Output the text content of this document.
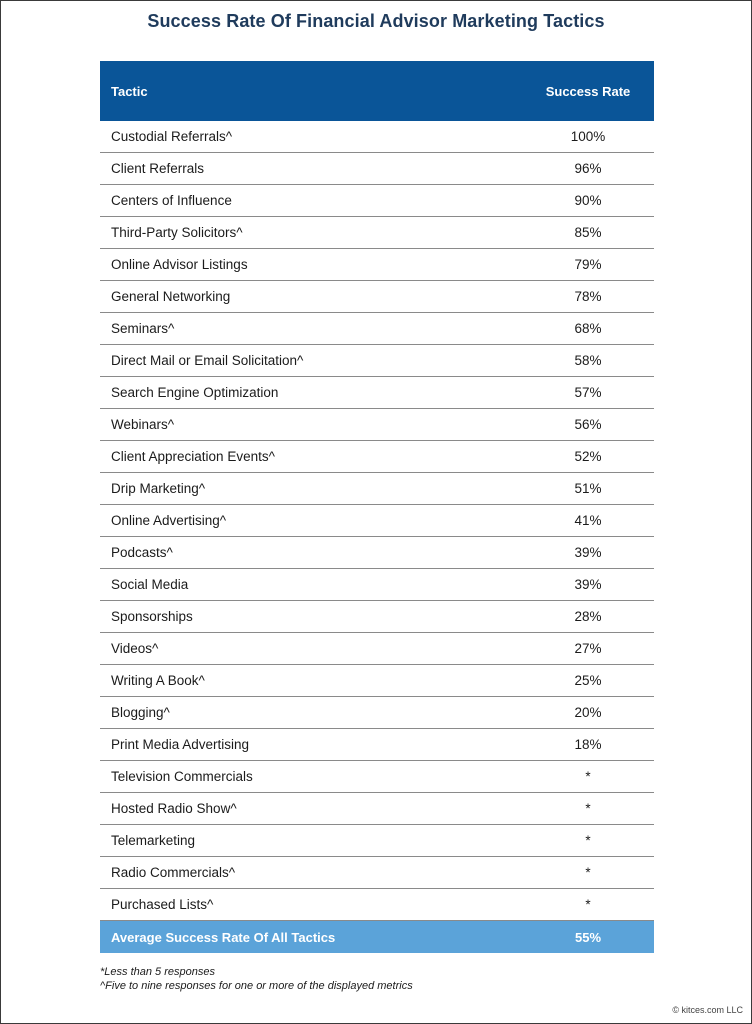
Success Rate Of Financial Advisor Marketing Tactics
Tactic	Success Rate
Custodial Referrals^	100%
Client Referrals	96%
Centers of Influence	90%
Third-Party Solicitors^	85%
Online Advisor Listings	79%
General Networking	78%
Seminars^	68%
Direct Mail or Email Solicitation^	58%
Search Engine Optimization	57%
Webinars^	56%
Client Appreciation Events^	52%
Drip Marketing^	51%
Online Advertising^	41%
Podcasts^	39%
Social Media	39%
Sponsorships	28%
Videos^	27%
Writing A Book^	25%
Blogging^	20%
Print Media Advertising	18%
Television Commercials	*
Hosted Radio Show^	*
Telemarketing	*
Radio Commercials^	*
Purchased Lists^	*
Average Success Rate Of All Tactics	55%
*Less than 5 responses
^Five to nine responses for one or more of the displayed metrics
© kitces.com LLC
